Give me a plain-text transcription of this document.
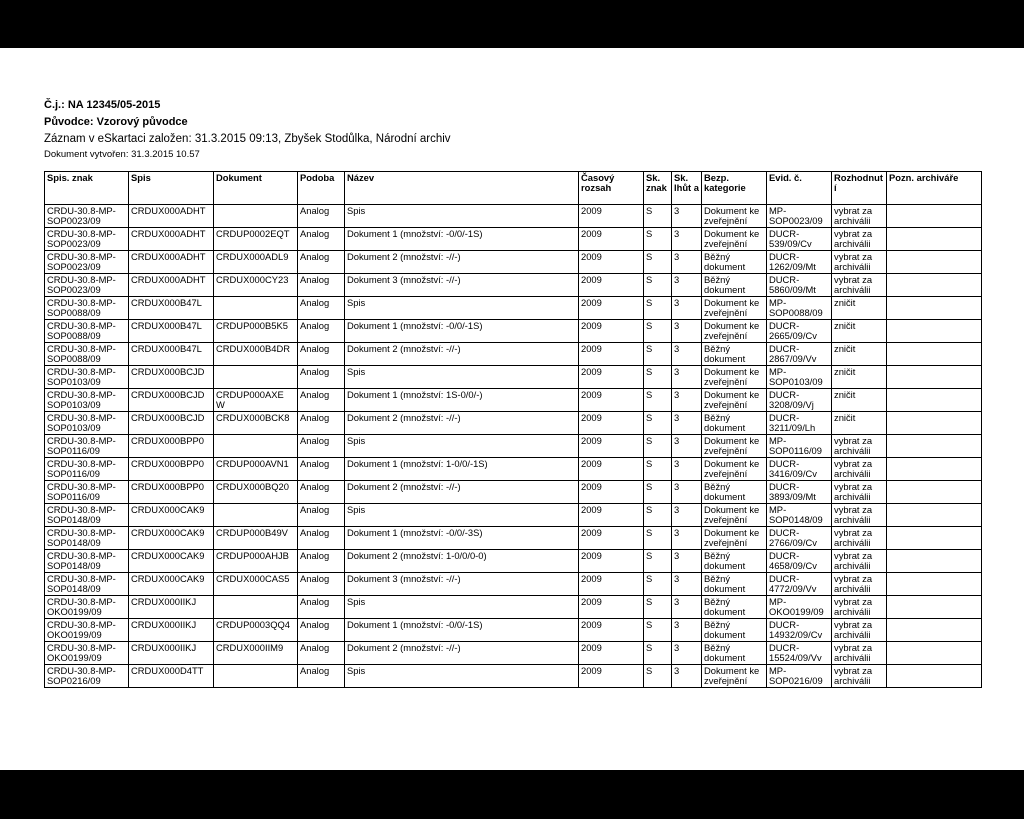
Č.j.: NA 12345/05-2015
Původce: Vzorový původce
Záznam v eSkartaci založen: 31.3.2015 09:13, Zbyšek Stodůlka, Národní archiv
Dokument vytvořen: 31.3.2015 10.57
Spis. znak	Spis	Dokument	Podoba	Název	Časový rozsah	Sk. znak	Sk. lhůt a	Bezp. kategorie	Evid. č.	Rozhodnut í	Pozn. archiváře
CRDU-30.8-MP-SOP0023/09	CRDUX000ADHT		Analog	Spis	2009	S	3	Dokument ke zveřejnění	MP-SOP0023/09	vybrat za archiválii	
CRDU-30.8-MP-SOP0023/09	CRDUX000ADHT	CRDUP0002EQT	Analog	Dokument 1 (množství: -0/0/-1S)	2009	S	3	Dokument ke zveřejnění	DUCR-539/09/Cv	vybrat za archiválii	
CRDU-30.8-MP-SOP0023/09	CRDUX000ADHT	CRDUX000ADL9	Analog	Dokument 2 (množství: -//-)	2009	S	3	Běžný dokument	DUCR-1262/09/Mt	vybrat za archiválii	
CRDU-30.8-MP-SOP0023/09	CRDUX000ADHT	CRDUX000CY23	Analog	Dokument 3 (množství: -//-)	2009	S	3	Běžný dokument	DUCR-5860/09/Mt	vybrat za archiválii	
CRDU-30.8-MP-SOP0088/09	CRDUX000B47L		Analog	Spis	2009	S	3	Dokument ke zveřejnění	MP-SOP0088/09	zničit	
CRDU-30.8-MP-SOP0088/09	CRDUX000B47L	CRDUP000B5K5	Analog	Dokument 1 (množství: -0/0/-1S)	2009	S	3	Dokument ke zveřejnění	DUCR-2665/09/Cv	zničit	
CRDU-30.8-MP-SOP0088/09	CRDUX000B47L	CRDUX000B4DR	Analog	Dokument 2 (množství: -//-)	2009	S	3	Běžný dokument	DUCR-2867/09/Vv	zničit	
CRDU-30.8-MP-SOP0103/09	CRDUX000BCJD		Analog	Spis	2009	S	3	Dokument ke zveřejnění	MP-SOP0103/09	zničit	
CRDU-30.8-MP-SOP0103/09	CRDUX000BCJD	CRDUP000AXE W	Analog	Dokument 1 (množství: 1S-0/0/-)	2009	S	3	Dokument ke zveřejnění	DUCR-3208/09/Vj	zničit	
CRDU-30.8-MP-SOP0103/09	CRDUX000BCJD	CRDUX000BCK8	Analog	Dokument 2 (množství: -//-)	2009	S	3	Běžný dokument	DUCR-3211/09/Lh	zničit	
CRDU-30.8-MP-SOP0116/09	CRDUX000BPP0		Analog	Spis	2009	S	3	Dokument ke zveřejnění	MP-SOP0116/09	vybrat za archiválii	
CRDU-30.8-MP-SOP0116/09	CRDUX000BPP0	CRDUP000AVN1	Analog	Dokument 1 (množství: 1-0/0/-1S)	2009	S	3	Dokument ke zveřejnění	DUCR-3416/09/Cv	vybrat za archiválii	
CRDU-30.8-MP-SOP0116/09	CRDUX000BPP0	CRDUX000BQ20	Analog	Dokument 2 (množství: -//-)	2009	S	3	Běžný dokument	DUCR-3893/09/Mt	vybrat za archiválii	
CRDU-30.8-MP-SOP0148/09	CRDUX000CAK9		Analog	Spis	2009	S	3	Dokument ke zveřejnění	MP-SOP0148/09	vybrat za archiválii	
CRDU-30.8-MP-SOP0148/09	CRDUX000CAK9	CRDUP000B49V	Analog	Dokument 1 (množství: -0/0/-3S)	2009	S	3	Dokument ke zveřejnění	DUCR-2766/09/Cv	vybrat za archiválii	
CRDU-30.8-MP-SOP0148/09	CRDUX000CAK9	CRDUP000AHJB	Analog	Dokument 2 (množství: 1-0/0/0-0)	2009	S	3	Běžný dokument	DUCR-4658/09/Cv	vybrat za archiválii	
CRDU-30.8-MP-SOP0148/09	CRDUX000CAK9	CRDUX000CAS5	Analog	Dokument 3 (množství: -//-)	2009	S	3	Běžný dokument	DUCR-4772/09/Vv	vybrat za archiválii	
CRDU-30.8-MP-OKO0199/09	CRDUX000IIKJ		Analog	Spis	2009	S	3	Běžný dokument	MP-OKO0199/09	vybrat za archiválii	
CRDU-30.8-MP-OKO0199/09	CRDUX000IIKJ	CRDUP0003QQ4	Analog	Dokument 1 (množství: -0/0/-1S)	2009	S	3	Běžný dokument	DUCR-14932/09/Cv	vybrat za archiválii	
CRDU-30.8-MP-OKO0199/09	CRDUX000IIKJ	CRDUX000IIM9	Analog	Dokument 2 (množství: -//-)	2009	S	3	Běžný dokument	DUCR-15524/09/Vv	vybrat za archiválii	
CRDU-30.8-MP-SOP0216/09	CRDUX000D4TT		Analog	Spis	2009	S	3	Dokument ke zveřejnění	MP-SOP0216/09	vybrat za archiválii	
